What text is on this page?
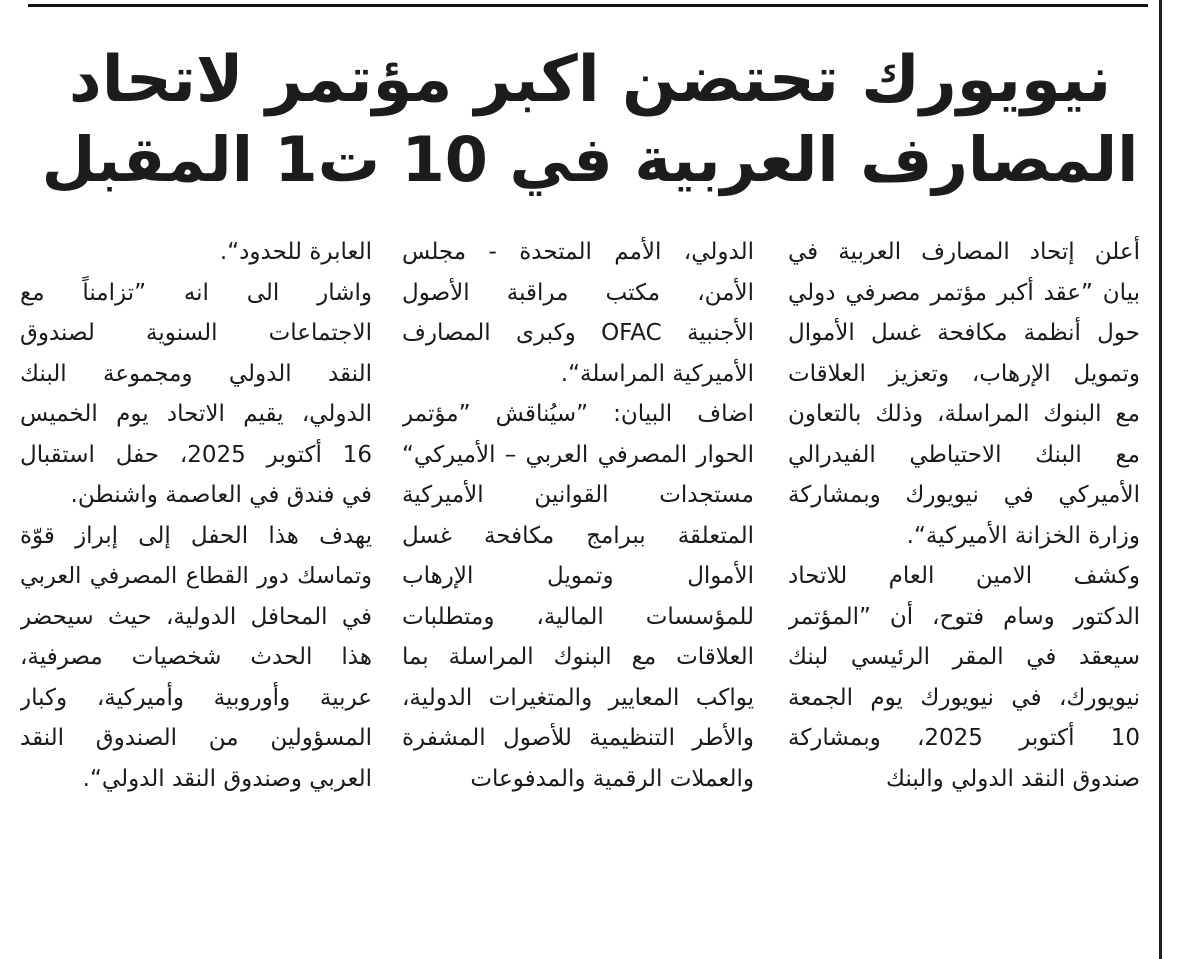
نيويورك تحتضن اكبر مؤتمر لاتحاد
المصارف العربية في 10 ت1 المقبل
أعلن إتحاد المصارف العربية في
بيان ”عقد أكبر مؤتمر مصرفي دولي
حول أنظمة مكافحة غسل الأموال
وتمويل الإرهاب، وتعزيز العلاقات
مع البنوك المراسلة، وذلك بالتعاون
مع البنك الاحتياطي الفيدرالي
الأميركي في نيويورك وبمشاركة
وزارة الخزانة الأميركية“.
وكشف الامين العام للاتحاد
الدكتور وسام فتوح، أن ”المؤتمر
سيعقد في المقر الرئيسي لبنك
نيويورك، في نيويورك يوم الجمعة
10 أكتوبر 2025، وبمشاركة
صندوق النقد الدولي والبنك
الدولي، الأمم المتحدة - مجلس
الأمن، مكتب مراقبة الأصول
الأجنبية OFAC وكبرى المصارف
الأميركية المراسلة“.
اضاف البيان: ”سيُناقش ”مؤتمر
الحوار المصرفي العربي – الأميركي“
مستجدات القوانين الأميركية
المتعلقة ببرامج مكافحة غسل
الأموال وتمويل الإرهاب
للمؤسسات المالية، ومتطلبات
العلاقات مع البنوك المراسلة بما
يواكب المعايير والمتغيرات الدولية،
والأطر التنظيمية للأصول المشفرة
والعملات الرقمية والمدفوعات
العابرة للحدود“.
واشار الى انه ”تزامناً مع
الاجتماعات السنوية لصندوق
النقد الدولي ومجموعة البنك
الدولي، يقيم الاتحاد يوم الخميس
16 أكتوبر 2025، حفل استقبال
في فندق في العاصمة واشنطن.
يهدف هذا الحفل إلى إبراز قوّة
وتماسك دور القطاع المصرفي العربي
في المحافل الدولية، حيث سيحضر
هذا الحدث شخصيات مصرفية،
عربية وأوروبية وأميركية، وكبار
المسؤولين من الصندوق النقد
العربي وصندوق النقد الدولي“.
